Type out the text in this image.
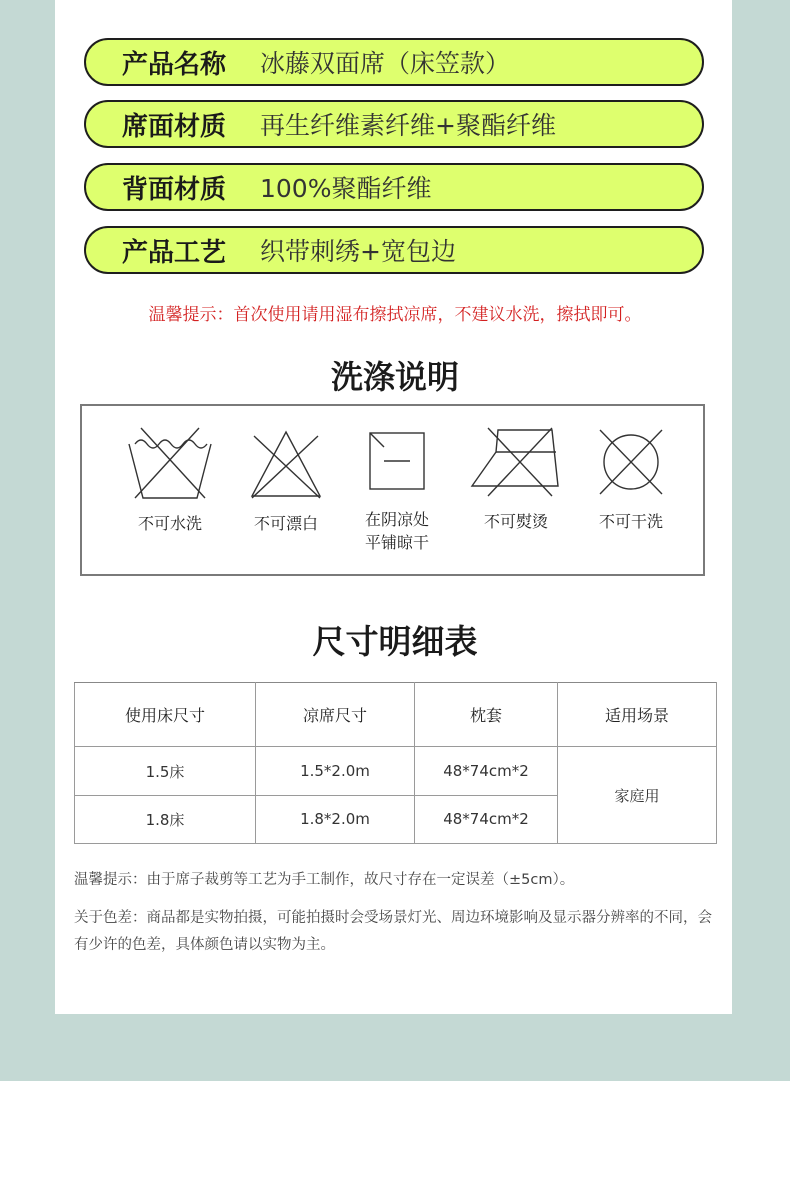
产品名称	冰藤双面席（床笠款）
席面材质	再生纤维素纤维+聚酯纤维
背面材质	100%聚酯纤维
产品工艺	织带刺绣+宽包边
温馨提示：首次使用请用湿布擦拭凉席，不建议水洗，擦拭即可。
洗涤说明
不可水洗	不可漂白	在阴凉处
平铺晾干
不可熨烫	不可干洗
尺寸明细表
使用床尺寸	凉席尺寸	枕套	适用场景
1.5床	1.5*2.0m	48*74cm*2	家庭用
1.8床	1.8*2.0m	48*74cm*2	
温馨提示：由于席子裁剪等工艺为手工制作，故尺寸存在一定误差（±5cm）。
关于色差：商品都是实物拍摄，可能拍摄时会受场景灯光、周边环境影响及显示器分辨率的不同，会有少许的色差，具体颜色请以实物为主。
